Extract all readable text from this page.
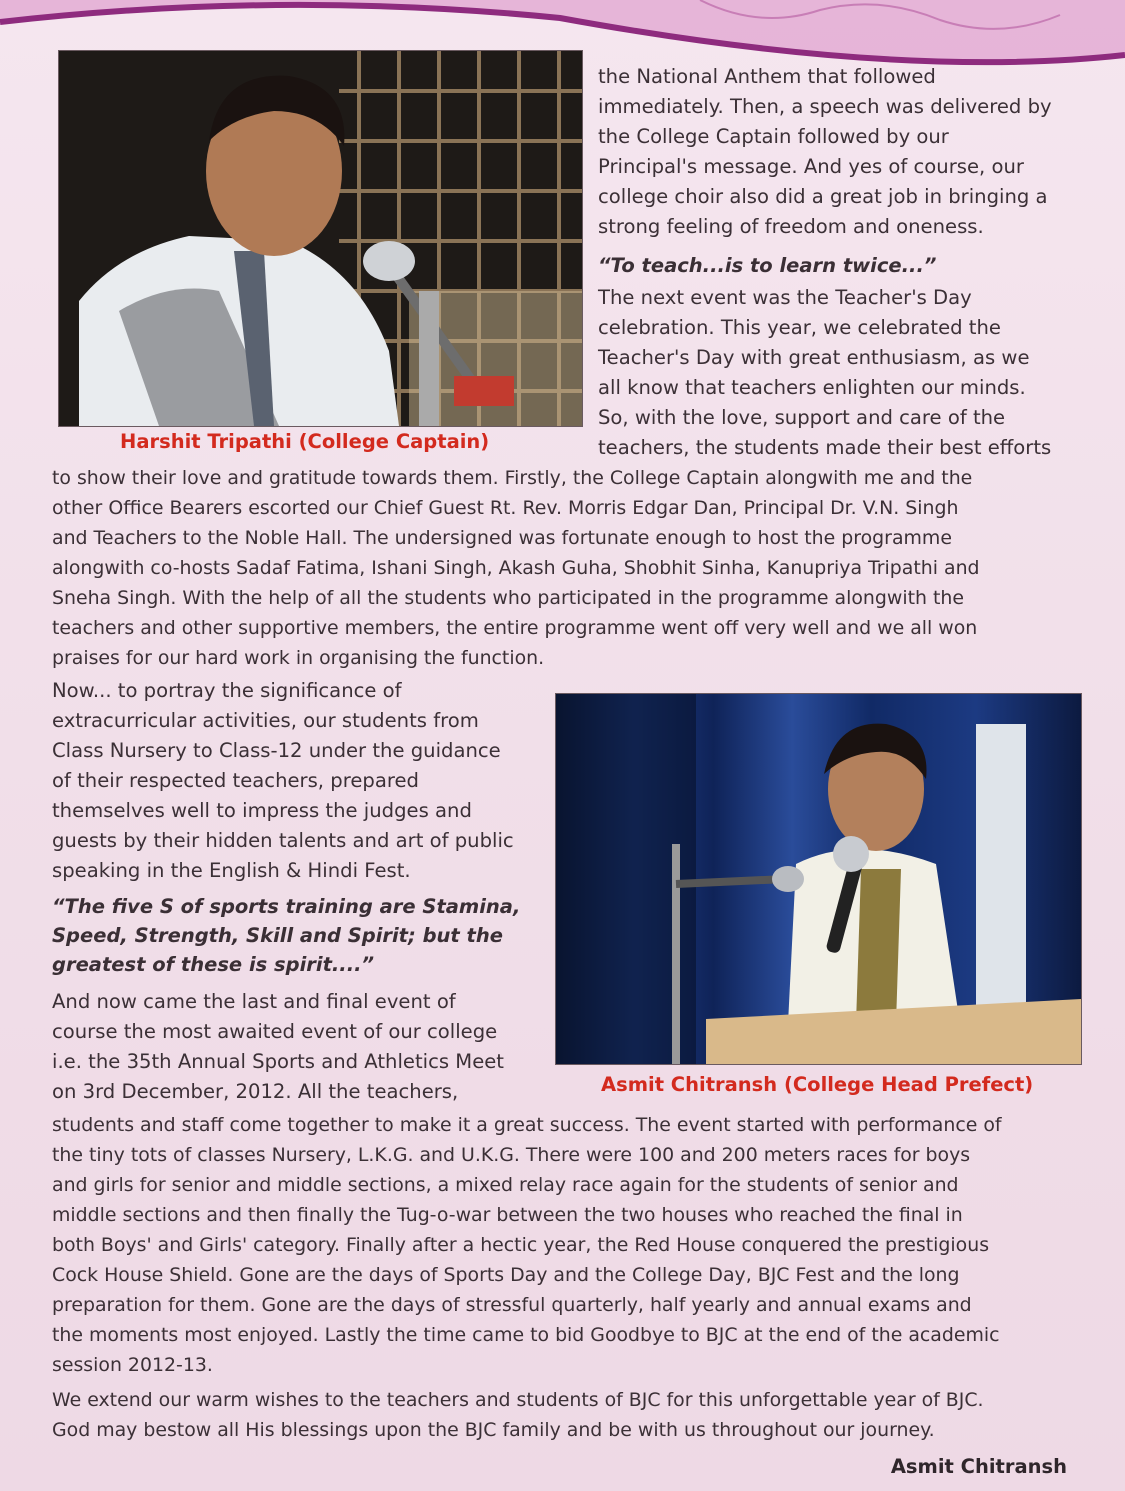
Harshit Tripathi (College Captain)
the National Anthem that followed
immediately. Then, a speech was delivered by
the College Captain followed by our
Principal's message. And yes of course, our
college choir also did a great job in bringing a
strong feeling of freedom and oneness.
“To teach...is to learn twice...”
The next event was the Teacher's Day
celebration. This year, we celebrated the
Teacher's Day with great enthusiasm, as we
all know that teachers enlighten our minds.
So, with the love, support and care of the
teachers, the students made their best efforts
to show their love and gratitude towards them. Firstly, the College Captain alongwith me and the
other Office Bearers escorted our Chief Guest Rt. Rev. Morris Edgar Dan, Principal Dr. V.N. Singh
and Teachers to the Noble Hall. The undersigned was fortunate enough to host the programme
alongwith co-hosts Sadaf Fatima, Ishani Singh, Akash Guha, Shobhit Sinha, Kanupriya Tripathi and
Sneha Singh. With the help of all the students who participated in the programme alongwith the
teachers and other supportive members, the entire programme went off very well and we all won
praises for our hard work in organising the function.
Now... to portray the significance of
extracurricular activities, our students from
Class Nursery to Class-12 under the guidance
of their respected teachers, prepared
themselves well to impress the judges and
guests by their hidden talents and art of public
speaking in the English & Hindi Fest.
“The five S of sports training are Stamina,
Speed, Strength, Skill and Spirit; but the
greatest of these is spirit....”
And now came the last and final event of
course the most awaited event of our college
i.e. the 35th Annual Sports and Athletics Meet
on 3rd December, 2012. All the teachers,	Asmit Chitransh (College Head Prefect)
students and staff come together to make it a great success. The event started with performance of
the tiny tots of classes Nursery, L.K.G. and U.K.G. There were 100 and 200 meters races for boys
and girls for senior and middle sections, a mixed relay race again for the students of senior and
middle sections and then finally the Tug-o-war between the two houses who reached the final in
both Boys' and Girls' category. Finally after a hectic year, the Red House conquered the prestigious
Cock House Shield. Gone are the days of Sports Day and the College Day, BJC Fest and the long
preparation for them. Gone are the days of stressful quarterly, half yearly and annual exams and
the moments most enjoyed. Lastly the time came to bid Goodbye to BJC at the end of the academic
session 2012-13.
We extend our warm wishes to the teachers and students of BJC for this unforgettable year of BJC.
God may bestow all His blessings upon the BJC family and be with us throughout our journey.
Asmit Chitransh
